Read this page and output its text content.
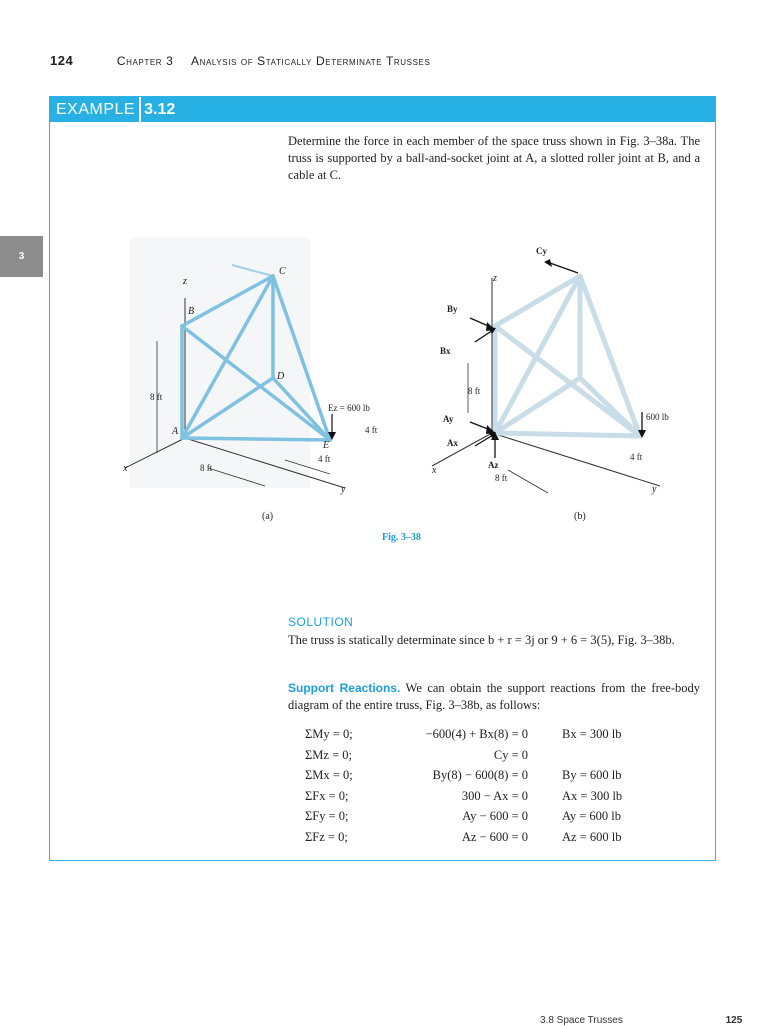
124	Chapter 3 Analysis of Statically Determinate Trusses
3
EXAMPLE 3.12
Determine the force in each member of the space truss shown in Fig. 3–38a. The truss is supported by a ball-and-socket joint at A, a slotted roller joint at B, and a cable at C.
z
B
C
D
A
E
Ez = 600 lb
8 ft
8 ft
4 ft
4 ft
x
y
(a)
Cy
By
Bx
Ay
Ax
Az
600 lb
z
8 ft
4 ft
8 ft
x
y
(b)
Fig. 3–38
SOLUTION
The truss is statically determinate since b + r = 3j or 9 + 6 = 3(5), Fig. 3–38b.
Support Reactions. We can obtain the support reactions from the free-body diagram of the entire truss, Fig. 3–38b, as follows:
ΣMy = 0;	−600(4) + Bx(8) = 0	Bx = 300 lb
ΣMz = 0;	Cy = 0
ΣMx = 0;	By(8) − 600(8) = 0	By = 600 lb
ΣFx = 0;	300 − Ax = 0	Ax = 300 lb
ΣFy = 0;	Ay − 600 = 0	Ay = 600 lb
ΣFz = 0;	Az − 600 = 0	Az = 600 lb
3.8 Space Trusses	125
